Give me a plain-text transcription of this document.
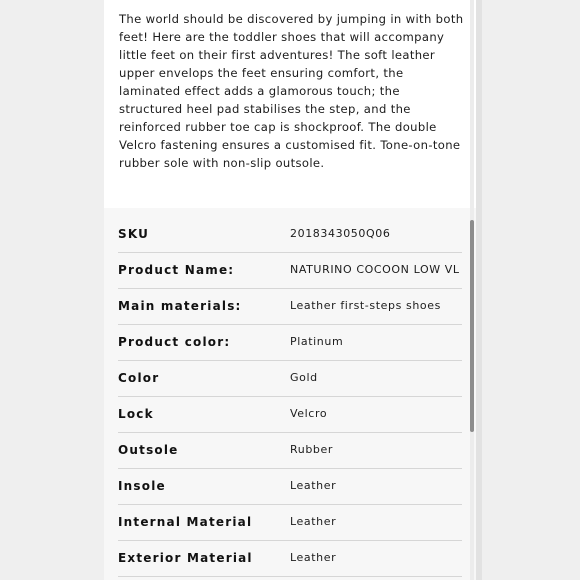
The world should be discovered by jumping in with both feet! Here are the toddler shoes that will accompany little feet on their first adventures! The soft leather upper envelops the feet ensuring comfort, the laminated effect adds a glamorous touch; the structured heel pad stabilises the step, and the reinforced rubber toe cap is shockproof. The double Velcro fastening ensures a customised fit. Tone-on-tone rubber sole with non-slip outsole.

SKU	2018343050Q06
Product Name:	NATURINO COCOON LOW VL
Main materials:	Leather first-steps shoes
Product color:	Platinum
Color	Gold
Lock	Velcro
Outsole	Rubber
Insole	Leather
Internal Material	Leather
Exterior Material	Leather
